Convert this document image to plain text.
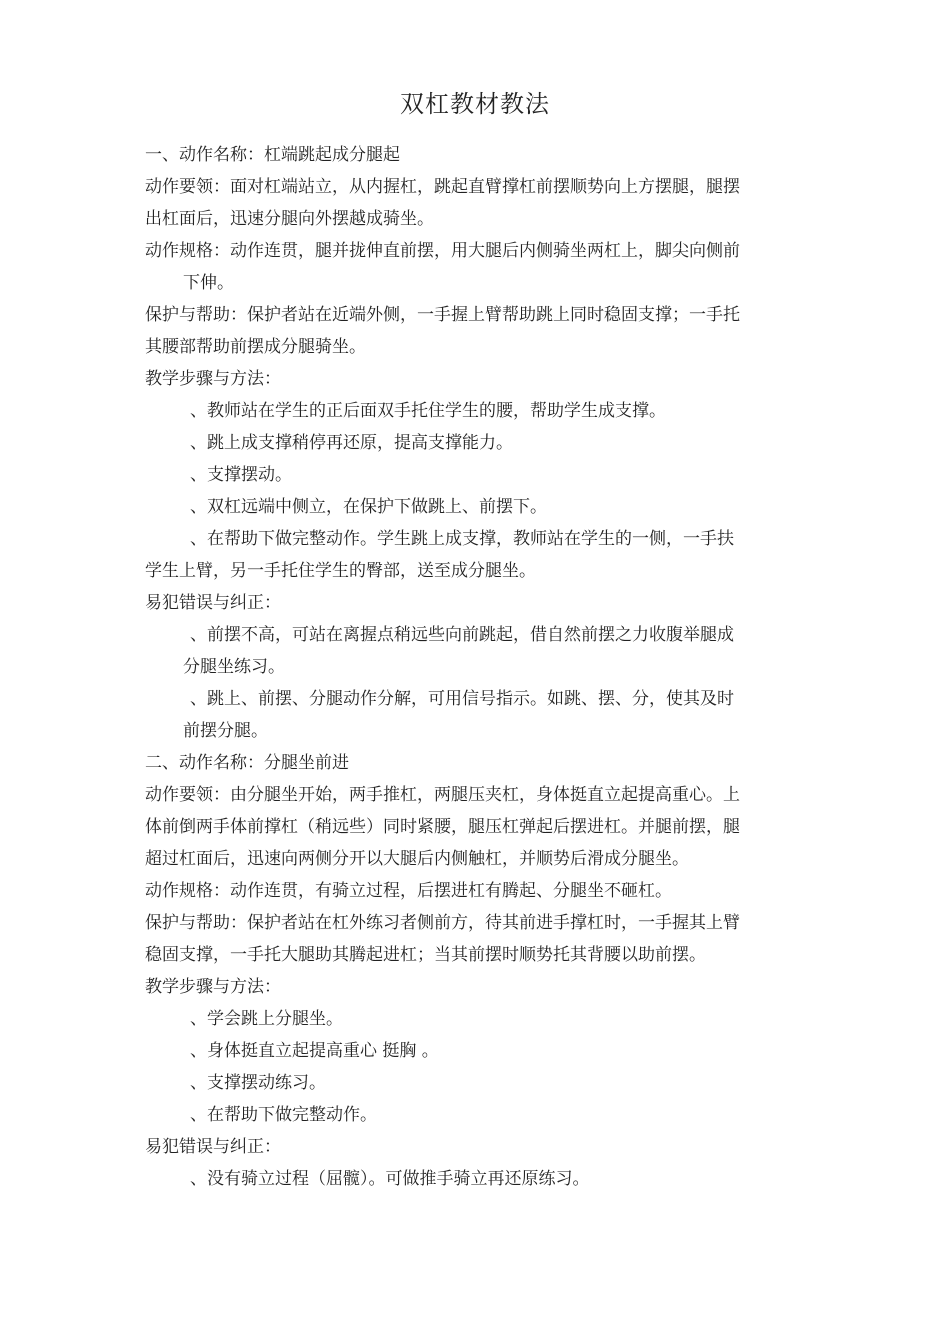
双杠教材教法
一、动作名称：杠端跳起成分腿起
动作要领：面对杠端站立，从内握杠，跳起直臂撑杠前摆顺势向上方摆腿，腿摆
出杠面后，迅速分腿向外摆越成骑坐。
动作规格：动作连贯，腿并拢伸直前摆，用大腿后内侧骑坐两杠上，脚尖向侧前
下伸。
保护与帮助：保护者站在近端外侧，一手握上臂帮助跳上同时稳固支撑；一手托
其腰部帮助前摆成分腿骑坐。
教学步骤与方法：
、教师站在学生的正后面双手托住学生的腰，帮助学生成支撑。
、跳上成支撑稍停再还原，提高支撑能力。
、支撑摆动。
、双杠远端中侧立，在保护下做跳上、前摆下。
、在帮助下做完整动作。学生跳上成支撑，教师站在学生的一侧，一手扶
学生上臂，另一手托住学生的臀部，送至成分腿坐。
易犯错误与纠正：
、前摆不高，可站在离握点稍远些向前跳起，借自然前摆之力收腹举腿成
分腿坐练习。
、跳上、前摆、分腿动作分解，可用信号指示。如跳、摆、分，使其及时
前摆分腿。
二、动作名称：分腿坐前进
动作要领：由分腿坐开始，两手推杠，两腿压夹杠，身体挺直立起提高重心。上
体前倒两手体前撑杠（稍远些）同时紧腰，腿压杠弹起后摆进杠。并腿前摆，腿
超过杠面后，迅速向两侧分开以大腿后内侧触杠，并顺势后滑成分腿坐。
动作规格：动作连贯，有骑立过程，后摆进杠有腾起、分腿坐不砸杠。
保护与帮助：保护者站在杠外练习者侧前方，待其前进手撑杠时，一手握其上臂
稳固支撑，一手托大腿助其腾起进杠；当其前摆时顺势托其背腰以助前摆。
教学步骤与方法：
、学会跳上分腿坐。
、身体挺直立起提高重心 挺胸 。
、支撑摆动练习。
、在帮助下做完整动作。
易犯错误与纠正：
、没有骑立过程（屈髋）。可做推手骑立再还原练习。
